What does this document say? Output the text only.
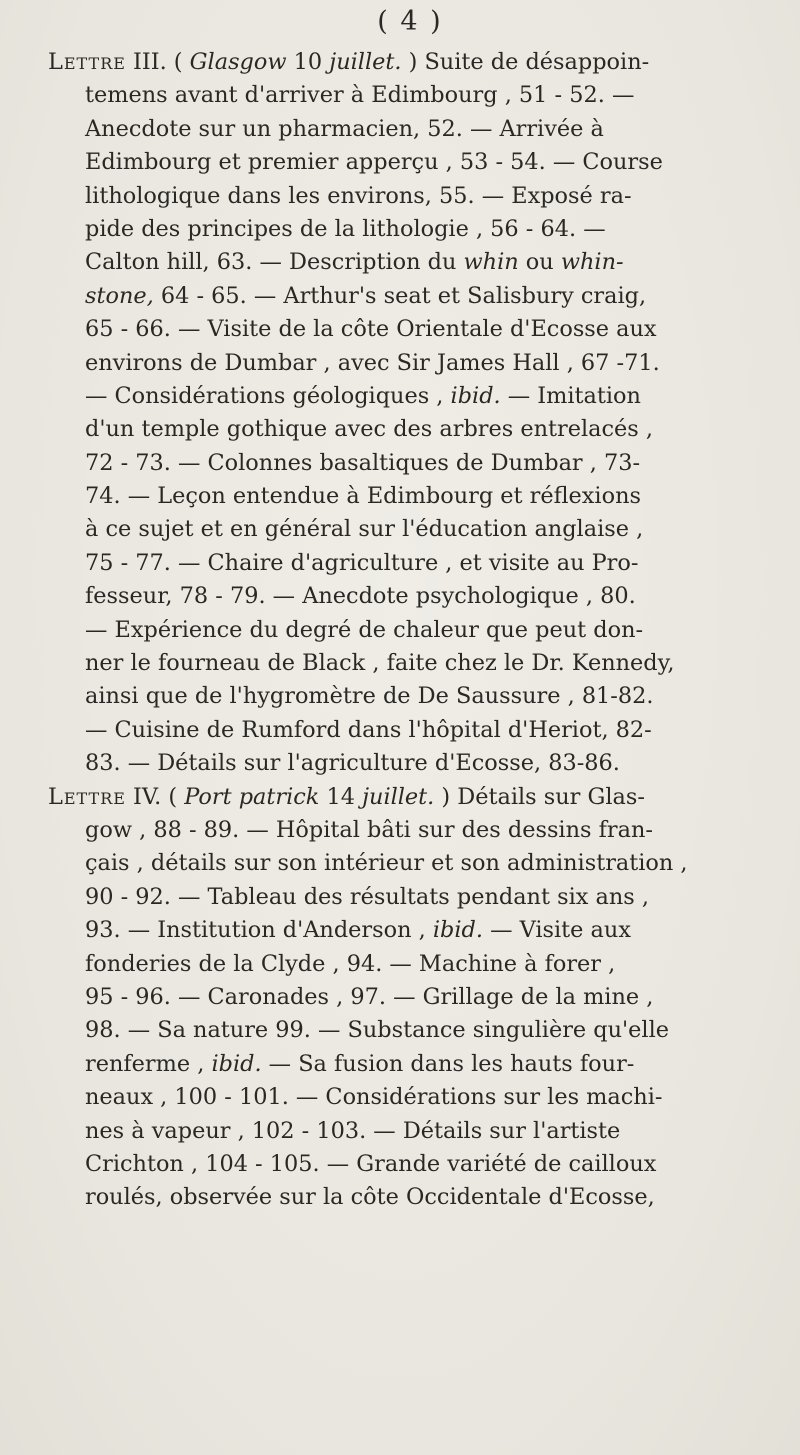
( 4 )
Lettre III. ( Glasgow 10 juillet. ) Suite de désappoin-
temens avant d'arriver à Edimbourg , 51 - 52. —
Anecdote sur un pharmacien, 52. — Arrivée à
Edimbourg et premier apperçu , 53 - 54. — Course
lithologique dans les environs, 55. — Exposé ra-
pide des principes de la lithologie , 56 - 64. —
Calton hill, 63. — Description du whin ou whin-
stone, 64 - 65. — Arthur's seat et Salisbury craig,
65 - 66. — Visite de la côte Orientale d'Ecosse aux
environs de Dumbar , avec Sir James Hall , 67 -71.
— Considérations géologiques , ibid. — Imitation
d'un temple gothique avec des arbres entrelacés ,
72 - 73. — Colonnes basaltiques de Dumbar , 73-
74. — Leçon entendue à Edimbourg et réflexions
à ce sujet et en général sur l'éducation anglaise ,
75 - 77. — Chaire d'agriculture , et visite au Pro-
fesseur, 78 - 79. — Anecdote psychologique , 80.
— Expérience du degré de chaleur que peut don-
ner le fourneau de Black , faite chez le Dr. Kennedy,
ainsi que de l'hygromètre de De Saussure , 81-82.
— Cuisine de Rumford dans l'hôpital d'Heriot, 82-
83. — Détails sur l'agriculture d'Ecosse, 83-86.
Lettre IV. ( Port patrick 14 juillet. ) Détails sur Glas-
gow , 88 - 89. — Hôpital bâti sur des dessins fran-
çais , détails sur son intérieur et son administration ,
90 - 92. — Tableau des résultats pendant six ans ,
93. — Institution d'Anderson , ibid. — Visite aux
fonderies de la Clyde , 94. — Machine à forer ,
95 - 96. — Caronades , 97. — Grillage de la mine ,
98. — Sa nature 99. — Substance singulière qu'elle
renferme , ibid. — Sa fusion dans les hauts four-
neaux , 100 - 101. — Considérations sur les machi-
nes à vapeur , 102 - 103. — Détails sur l'artiste
Crichton , 104 - 105. — Grande variété de cailloux
roulés, observée sur la côte Occidentale d'Ecosse,
